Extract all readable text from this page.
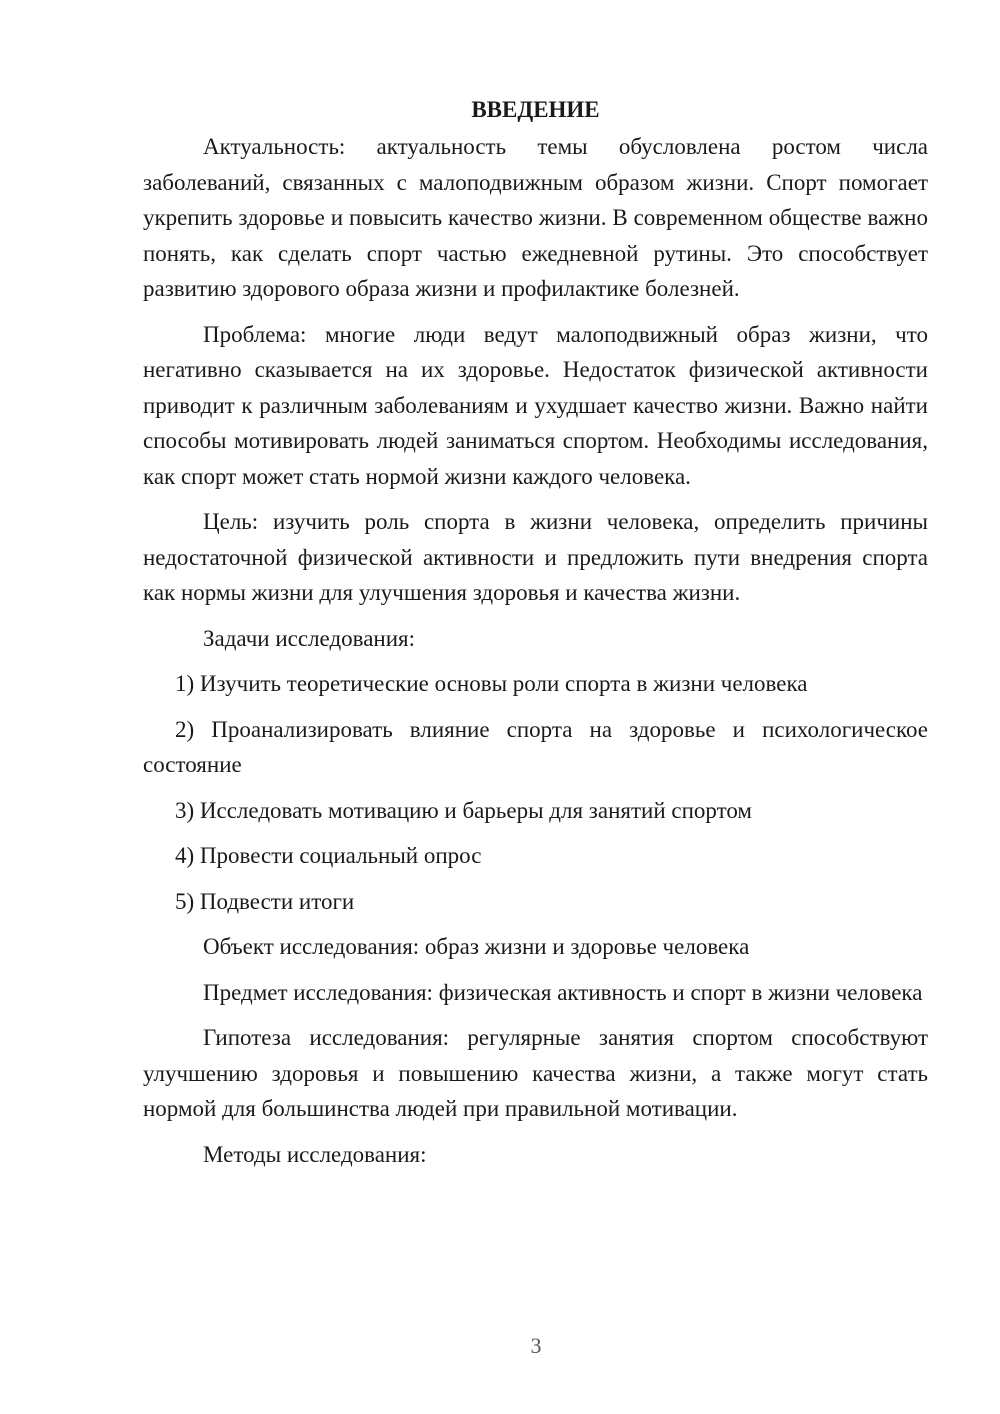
ВВЕДЕНИЕ

Актуальность: актуальность темы обусловлена ростом числа заболеваний, связанных с малоподвижным образом жизни. Спорт помогает укрепить здоровье и повысить качество жизни. В современном обществе важно понять, как сделать спорт частью ежедневной рутины. Это способствует развитию здорового образа жизни и профилактике болезней.

Проблема: многие люди ведут малоподвижный образ жизни, что негативно сказывается на их здоровье. Недостаток физической активности приводит к различным заболеваниям и ухудшает качество жизни. Важно найти способы мотивировать людей заниматься спортом. Необходимы исследования, как спорт может стать нормой жизни каждого человека.

Цель: изучить роль спорта в жизни человека, определить причины недостаточной физической активности и предложить пути внедрения спорта как нормы жизни для улучшения здоровья и качества жизни.

Задачи исследования:

1) Изучить теоретические основы роли спорта в жизни человека

2) Проанализировать влияние спорта на здоровье и психологическое состояние

3) Исследовать мотивацию и барьеры для занятий спортом

4) Провести социальный опрос

5) Подвести итоги

Объект исследования: образ жизни и здоровье человека

Предмет исследования: физическая активность и спорт в жизни человека

Гипотеза исследования: регулярные занятия спортом способствуют улучшению здоровья и повышению качества жизни, а также могут стать нормой для большинства людей при правильной мотивации.

Методы исследования:

3
